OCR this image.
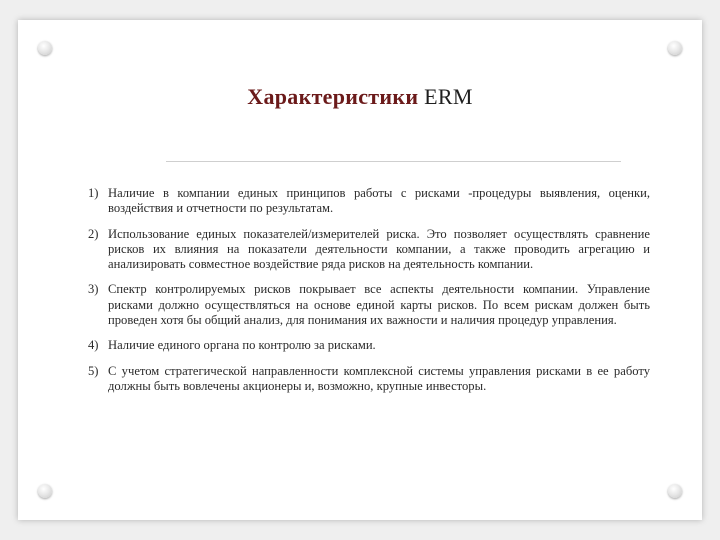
Характеристики ERM
1) Наличие в компании единых принципов работы с рисками -процедуры выявления, оценки, воздействия и отчетности по результатам.
2) Использование единых показателей/измерителей риска. Это позволяет осуществлять сравнение рисков их влияния на показатели деятельности компании, а также проводить агрегацию и анализировать совместное воздействие ряда рисков на деятельность компании.
3) Спектр контролируемых рисков покрывает все аспекты деятельности компании. Управление рисками должно осуществляться на основе единой карты рисков. По всем рискам должен быть проведен хотя бы общий анализ, для понимания их важности и наличия процедур управления.
4) Наличие единого органа по контролю за рисками.
5) С учетом стратегической направленности комплексной системы управления рисками в ее работу должны быть вовлечены акционеры и, возможно, крупные инвесторы.
